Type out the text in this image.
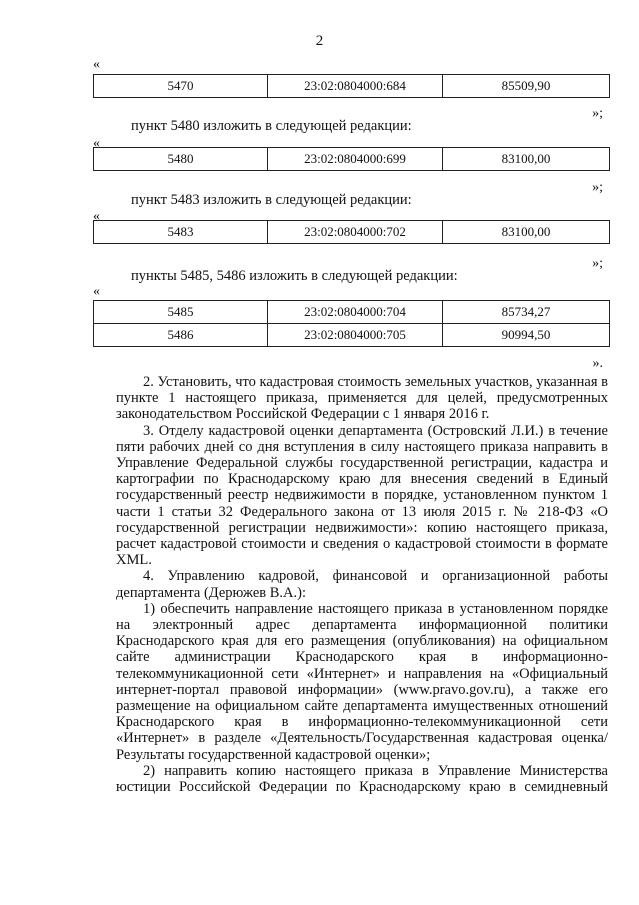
2
«
5470	23:02:0804000:684	85509,90
»;
пункт 5480 изложить в следующей редакции:
«
5480	23:02:0804000:699	83100,00
»;
пункт 5483 изложить в следующей редакции:
«
5483	23:02:0804000:702	83100,00
»;
пункты 5485, 5486 изложить в следующей редакции:
«
5485	23:02:0804000:704	85734,27
5486	23:02:0804000:705	90994,50
».

2. Установить, что кадастровая стоимость земельных участков, указанная в пункте 1 настоящего приказа, применяется для целей, предусмотренных законодательством Российской Федерации с 1 января 2016 г.

3. Отделу кадастровой оценки департамента (Островский Л.И.) в течение пяти рабочих дней со дня вступления в силу настоящего приказа направить в Управление Федеральной службы государственной регистрации, кадастра и картографии по Краснодарскому краю для внесения сведений в Единый государственный реестр недвижимости в порядке, установленном пунктом 1 части 1 статьи 32 Федерального закона от 13 июля 2015 г. № 218-ФЗ «О государственной регистрации недвижимости»: копию настоящего приказа, расчет кадастровой стоимости и сведения о кадастровой стоимости в формате XML.

4. Управлению кадровой, финансовой и организационной работы департамента (Дерюжев В.А.):

1) обеспечить направление настоящего приказа в установленном порядке на электронный адрес департамента информационной политики Краснодарского края для его размещения (опубликования) на официальном сайте администрации Краснодарского края в информационно-телекоммуникационной сети «Интернет» и направления на «Официальный интернет-портал правовой информации» (www.pravo.gov.ru), а также его размещение на официальном сайте департамента имущественных отношений Краснодарского края в информационно-телекоммуникационной сети «Интернет» в разделе «Деятельность/Государственная кадастровая оценка/Результаты государственной кадастровой оценки»;

2) направить копию настоящего приказа в Управление Министерства юстиции Российской Федерации по Краснодарскому краю в семидневный
